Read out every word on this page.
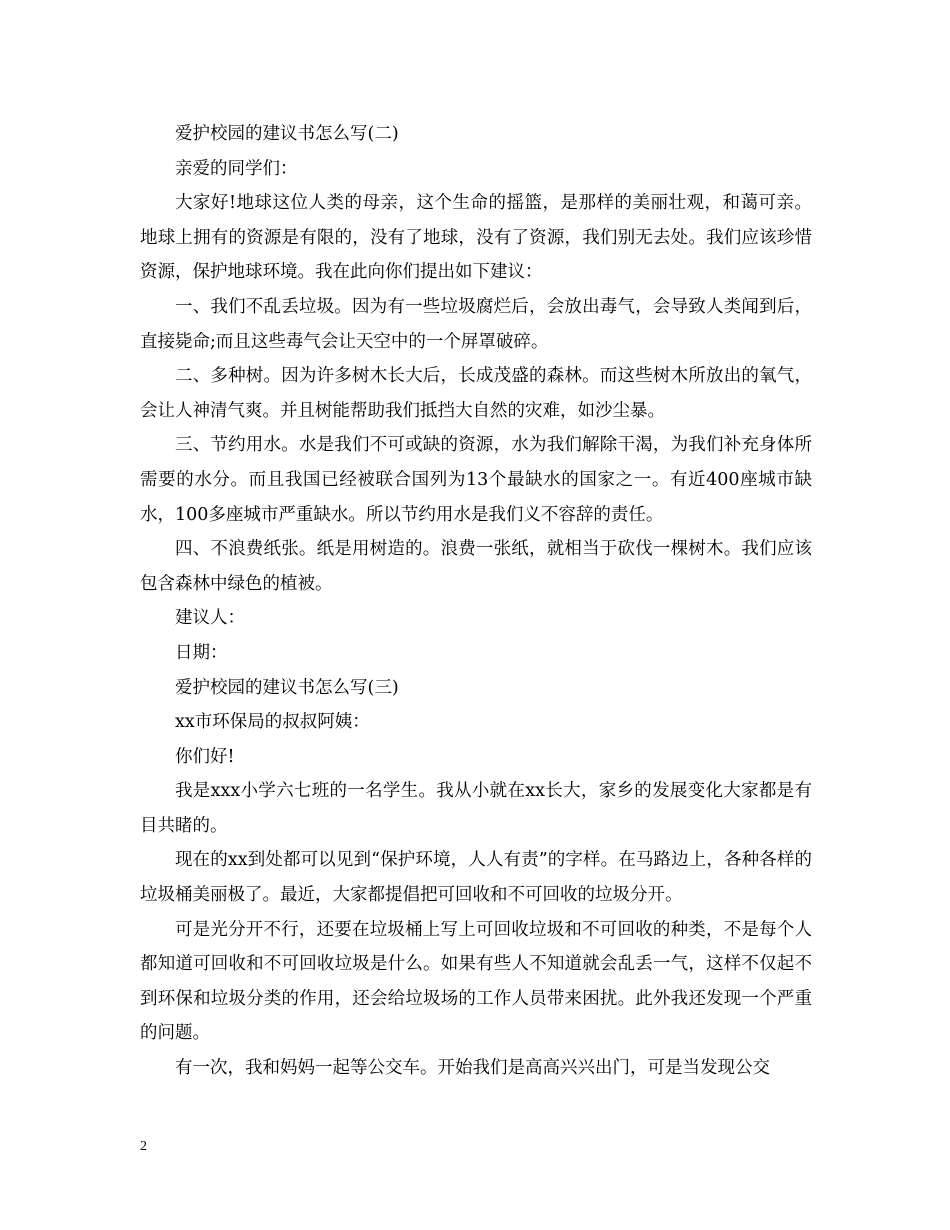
爱护校园的建议书怎么写(二)

亲爱的同学们：

大家好!地球这位人类的母亲，这个生命的摇篮，是那样的美丽壮观，和蔼可亲。地球上拥有的资源是有限的，没有了地球，没有了资源，我们别无去处。我们应该珍惜资源，保护地球环境。我在此向你们提出如下建议：

一、我们不乱丢垃圾。因为有一些垃圾腐烂后，会放出毒气，会导致人类闻到后，直接毙命;而且这些毒气会让天空中的一个屏罩破碎。

二、多种树。因为许多树木长大后，长成茂盛的森林。而这些树木所放出的氧气，会让人神清气爽。并且树能帮助我们抵挡大自然的灾难，如沙尘暴。

三、节约用水。水是我们不可或缺的资源，水为我们解除干渴，为我们补充身体所需要的水分。而且我国已经被联合国列为13个最缺水的国家之一。有近400座城市缺水，100多座城市严重缺水。所以节约用水是我们义不容辞的责任。

四、不浪费纸张。纸是用树造的。浪费一张纸，就相当于砍伐一棵树木。我们应该包含森林中绿色的植被。

建议人：

日期：

爱护校园的建议书怎么写(三)

xx市环保局的叔叔阿姨：

你们好!

我是xxx小学六七班的一名学生。我从小就在xx长大，家乡的发展变化大家都是有目共睹的。

现在的xx到处都可以见到“保护环境，人人有责”的字样。在马路边上，各种各样的垃圾桶美丽极了。最近，大家都提倡把可回收和不可回收的垃圾分开。

可是光分开不行，还要在垃圾桶上写上可回收垃圾和不可回收的种类，不是每个人都知道可回收和不可回收垃圾是什么。如果有些人不知道就会乱丢一气，这样不仅起不到环保和垃圾分类的作用，还会给垃圾场的工作人员带来困扰。此外我还发现一个严重的问题。

有一次，我和妈妈一起等公交车。开始我们是高高兴兴出门，可是当发现公交

2
